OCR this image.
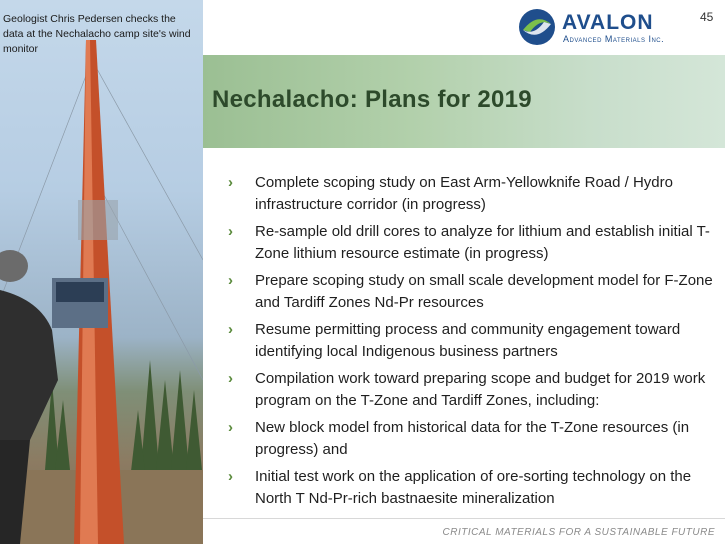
Geologist Chris Pedersen checks the data at the Nechalacho camp site's wind monitor

AVALON

Advanced Materials Inc.

45

Nechalacho: Plans for 2019
› Complete scoping study on East Arm-Yellowknife Road / Hydro infrastructure corridor (in progress)
› Re-sample old drill cores to analyze for lithium and establish initial T-Zone lithium resource estimate (in progress)
› Prepare scoping study on small scale development model for F-Zone and Tardiff Zones Nd-Pr resources
› Resume permitting process and community engagement toward identifying local Indigenous business partners
› Compilation work toward preparing scope and budget for 2019 work program on the T-Zone and Tardiff Zones, including:
› New block model from historical data for the T-Zone resources (in progress) and
› Initial test work on the application of ore-sorting technology on the North T Nd-Pr-rich bastnaesite mineralization

CRITICAL MATERIALS FOR A SUSTAINABLE FUTURE
